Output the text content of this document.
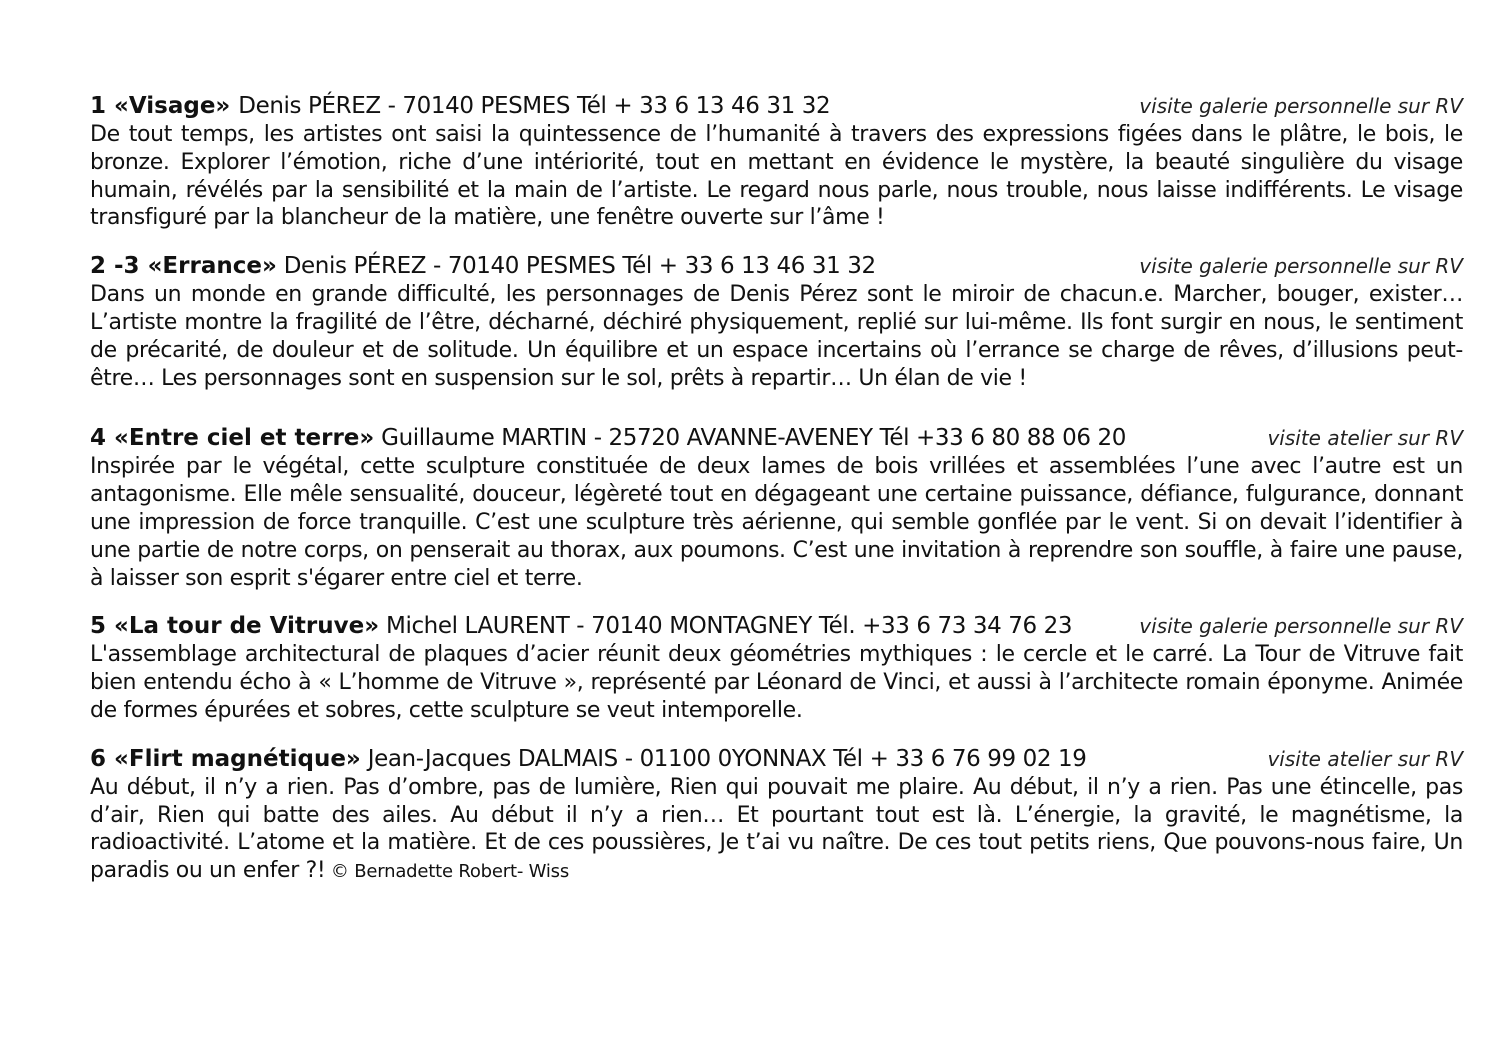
1 «Visage» Denis PÉREZ - 70140 PESMES Tél + 33 6 13 46 31 32	visite galerie personnelle sur RV

De tout temps, les artistes ont saisi la quintessence de l’humanité à travers des expressions figées dans le plâtre, le bois, le bronze. Explorer l’émotion, riche d’une intériorité, tout en mettant en évidence le mystère, la beauté singulière du visage humain, révélés par la sensibilité et la main de l’artiste. Le regard nous parle, nous trouble, nous laisse indifférents. Le visage transfiguré par la blancheur de la matière, une fenêtre ouverte sur l’âme !

2 -3 «Errance» Denis PÉREZ - 70140 PESMES Tél + 33 6 13 46 31 32	visite galerie personnelle sur RV

Dans un monde en grande difficulté, les personnages de Denis Pérez sont le miroir de chacun.e. Marcher, bouger, exister… L’artiste montre la fragilité de l’être, décharné, déchiré physiquement, replié sur lui-même. Ils font surgir en nous, le sentiment de précarité, de douleur et de solitude. Un équilibre et un espace incertains où l’errance se charge de rêves, d’illusions peut-être… Les personnages sont en suspension sur le sol, prêts à repartir… Un élan de vie !

4 «Entre ciel et terre» Guillaume MARTIN - 25720 AVANNE-AVENEY Tél +33 6 80 88 06 20	visite atelier sur RV

Inspirée par le végétal, cette sculpture constituée de deux lames de bois vrillées et assemblées l’une avec l’autre est un antagonisme. Elle mêle sensualité, douceur, légèreté tout en dégageant une certaine puissance, défiance, fulgurance, donnant une impression de force tranquille. C’est une sculpture très aérienne, qui semble gonflée par le vent. Si on devait l’identifier à une partie de notre corps, on penserait au thorax, aux poumons. C’est une invitation à reprendre son souffle, à faire une pause, à laisser son esprit s'égarer entre ciel et terre.

5 «La tour de Vitruve» Michel LAURENT - 70140 MONTAGNEY Tél. +33 6 73 34 76 23	visite galerie personnelle sur RV

L'assemblage architectural de plaques d’acier réunit deux géométries mythiques : le cercle et le carré. La Tour de Vitruve fait bien entendu écho à « L’homme de Vitruve », représenté par Léonard de Vinci, et aussi à l’architecte romain éponyme. Animée de formes épurées et sobres, cette sculpture se veut intemporelle.

6 «Flirt magnétique» Jean-Jacques DALMAIS - 01100 0YONNAX Tél + 33 6 76 99 02 19	visite atelier sur RV

Au début, il n’y a rien. Pas d’ombre, pas de lumière, Rien qui pouvait me plaire. Au début, il n’y a rien. Pas une étincelle, pas d’air, Rien qui batte des ailes. Au début il n’y a rien… Et pourtant tout est là. L’énergie, la gravité, le magnétisme, la radioactivité. L’atome et la matière. Et de ces poussières, Je t’ai vu naître. De ces tout petits riens, Que pouvons-nous faire, Un paradis ou un enfer ?! © Bernadette Robert- Wiss
